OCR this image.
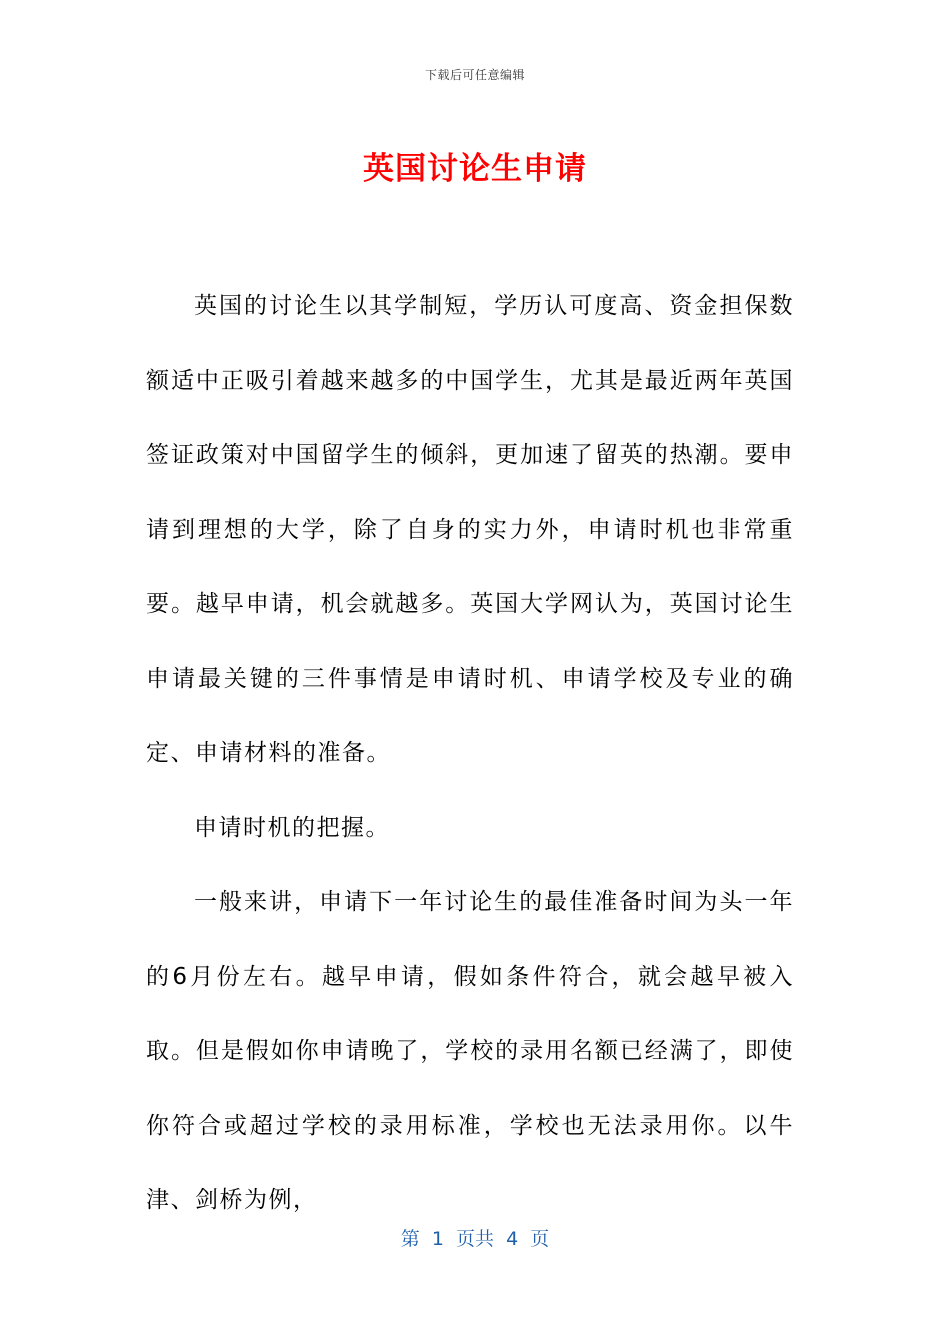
下载后可任意编辑
英国讨论生申请

英国的讨论生以其学制短，学历认可度高、资金担保数额适中正吸引着越来越多的中国学生，尤其是最近两年英国签证政策对中国留学生的倾斜，更加速了留英的热潮。要申请到理想的大学，除了自身的实力外，申请时机也非常重要。越早申请，机会就越多。英国大学网认为，英国讨论生申请最关键的三件事情是申请时机、申请学校及专业的确定、申请材料的准备。

申请时机的把握。

一般来讲，申请下一年讨论生的最佳准备时间为头一年的6月份左右。越早申请，假如条件符合，就会越早被入取。但是假如你申请晚了，学校的录用名额已经满了，即使你符合或超过学校的录用标准，学校也无法录用你。以牛津、剑桥为例，

第  1  页共  4  页
